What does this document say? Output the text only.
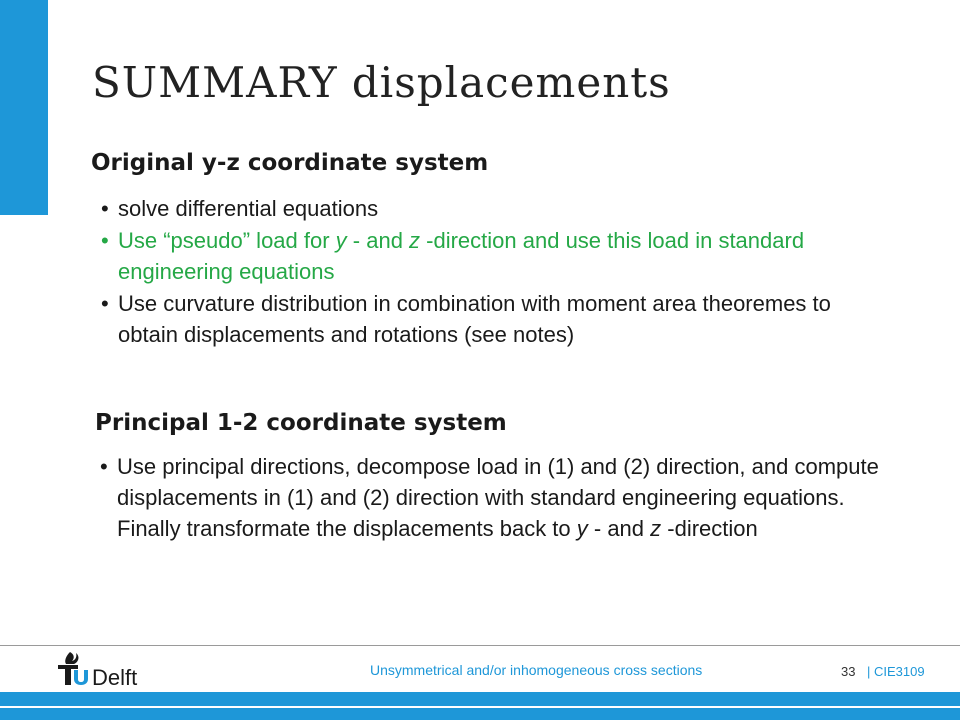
SUMMARY displacements
Original y-z coordinate system
• solve differential equations
• Use “pseudo” load for y - and z -direction and use this load in standard engineering equations
• Use curvature distribution in combination with moment area theoremes to obtain displacements and rotations (see notes)
Principal 1-2 coordinate system
• Use principal directions, decompose load in (1) and (2) direction, and compute displacements in (1) and (2) direction with standard engineering equations. Finally transformate the displacements back to y - and z -direction
Delft	Unsymmetrical and/or inhomogeneous cross sections	33 | CIE3109
